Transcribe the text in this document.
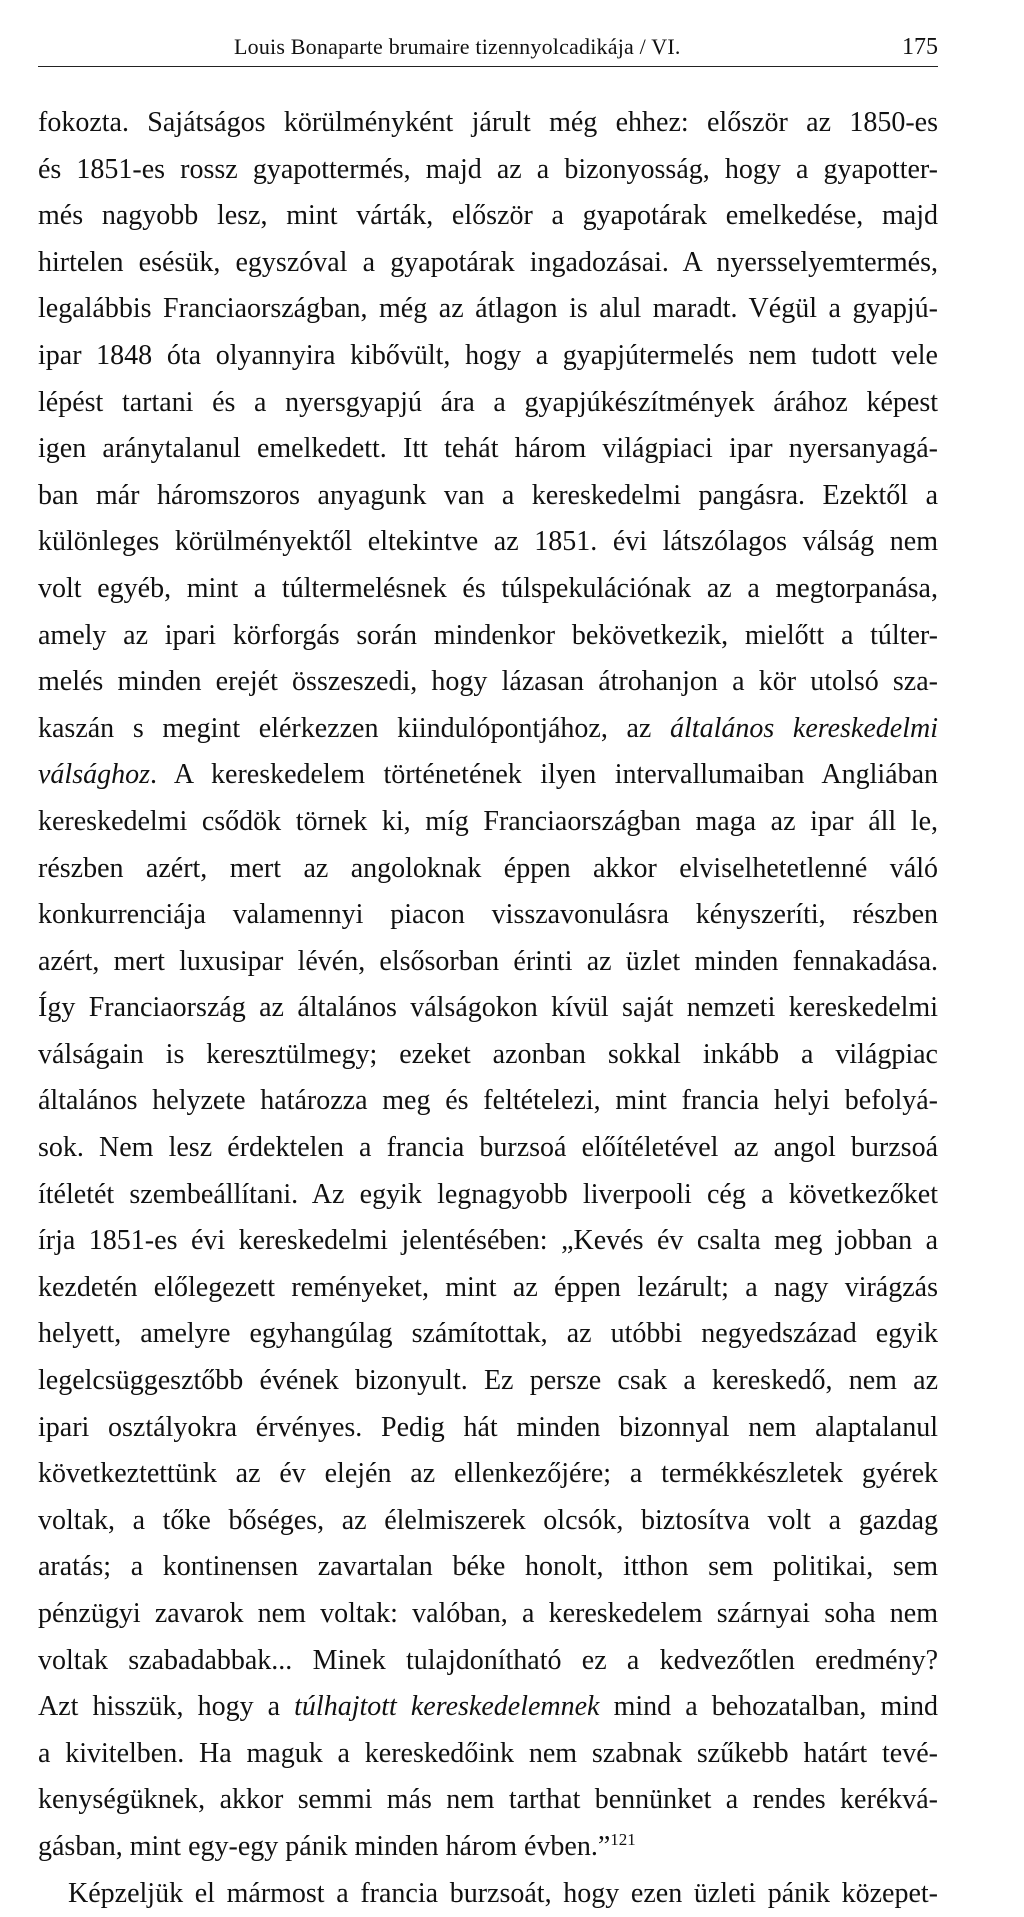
Louis Bonaparte brumaire tizennyolcadikája / VI.	175
fokozta. Sajátságos körülményként járult még ehhez: először az 1850-es
és 1851-es rossz gyapottermés, majd az a bizonyosság, hogy a gyapotter-
més nagyobb lesz, mint várták, először a gyapotárak emelkedése, majd
hirtelen esésük, egyszóval a gyapotárak ingadozásai. A nyersselyemtermés,
legalábbis Franciaországban, még az átlagon is alul maradt. Végül a gyapjú-
ipar 1848 óta olyannyira kibővült, hogy a gyapjútermelés nem tudott vele
lépést tartani és a nyersgyapjú ára a gyapjúkészítmények árához képest
igen aránytalanul emelkedett. Itt tehát három világpiaci ipar nyersanyagá-
ban már háromszoros anyagunk van a kereskedelmi pangásra. Ezektől a
különleges körülményektől eltekintve az 1851. évi látszólagos válság nem
volt egyéb, mint a túltermelésnek és túlspekulációnak az a megtorpanása,
amely az ipari körforgás során mindenkor bekövetkezik, mielőtt a túlter-
melés minden erejét összeszedi, hogy lázasan átrohanjon a kör utolsó sza-
kaszán s megint elérkezzen kiindulópontjához, az általános kereskedelmi
válsághoz. A kereskedelem történetének ilyen intervallumaiban Angliában
kereskedelmi csődök törnek ki, míg Franciaországban maga az ipar áll le,
részben azért, mert az angoloknak éppen akkor elviselhetetlenné váló
konkurrenciája valamennyi piacon visszavonulásra kényszeríti, részben
azért, mert luxusipar lévén, elsősorban érinti az üzlet minden fennakadása.
Így Franciaország az általános válságokon kívül saját nemzeti kereskedelmi
válságain is keresztülmegy; ezeket azonban sokkal inkább a világpiac
általános helyzete határozza meg és feltételezi, mint francia helyi befolyá-
sok. Nem lesz érdektelen a francia burzsoá előítéletével az angol burzsoá
ítéletét szembeállítani. Az egyik legnagyobb liverpooli cég a következőket
írja 1851-es évi kereskedelmi jelentésében: „Kevés év csalta meg jobban a
kezdetén előlegezett reményeket, mint az éppen lezárult; a nagy virágzás
helyett, amelyre egyhangúlag számítottak, az utóbbi negyedszázad egyik
legelcsüggesztőbb évének bizonyult. Ez persze csak a kereskedő, nem az
ipari osztályokra érvényes. Pedig hát minden bizonnyal nem alaptalanul
következtettünk az év elején az ellenkezőjére; a termékkészletek gyérek
voltak, a tőke bőséges, az élelmiszerek olcsók, biztosítva volt a gazdag
aratás; a kontinensen zavartalan béke honolt, itthon sem politikai, sem
pénzügyi zavarok nem voltak: valóban, a kereskedelem szárnyai soha nem
voltak szabadabbak... Minek tulajdonítható ez a kedvezőtlen eredmény?
Azt hisszük, hogy a túlhajtott kereskedelemnek mind a behozatalban, mind
a kivitelben. Ha maguk a kereskedőink nem szabnak szűkebb határt tevé-
kenységüknek, akkor semmi más nem tarthat bennünket a rendes kerékvá-
gásban, mint egy-egy pánik minden három évben.”$^{121}$
Képzeljük el mármost a francia burzsoát, hogy ezen üzleti pánik közepet-
